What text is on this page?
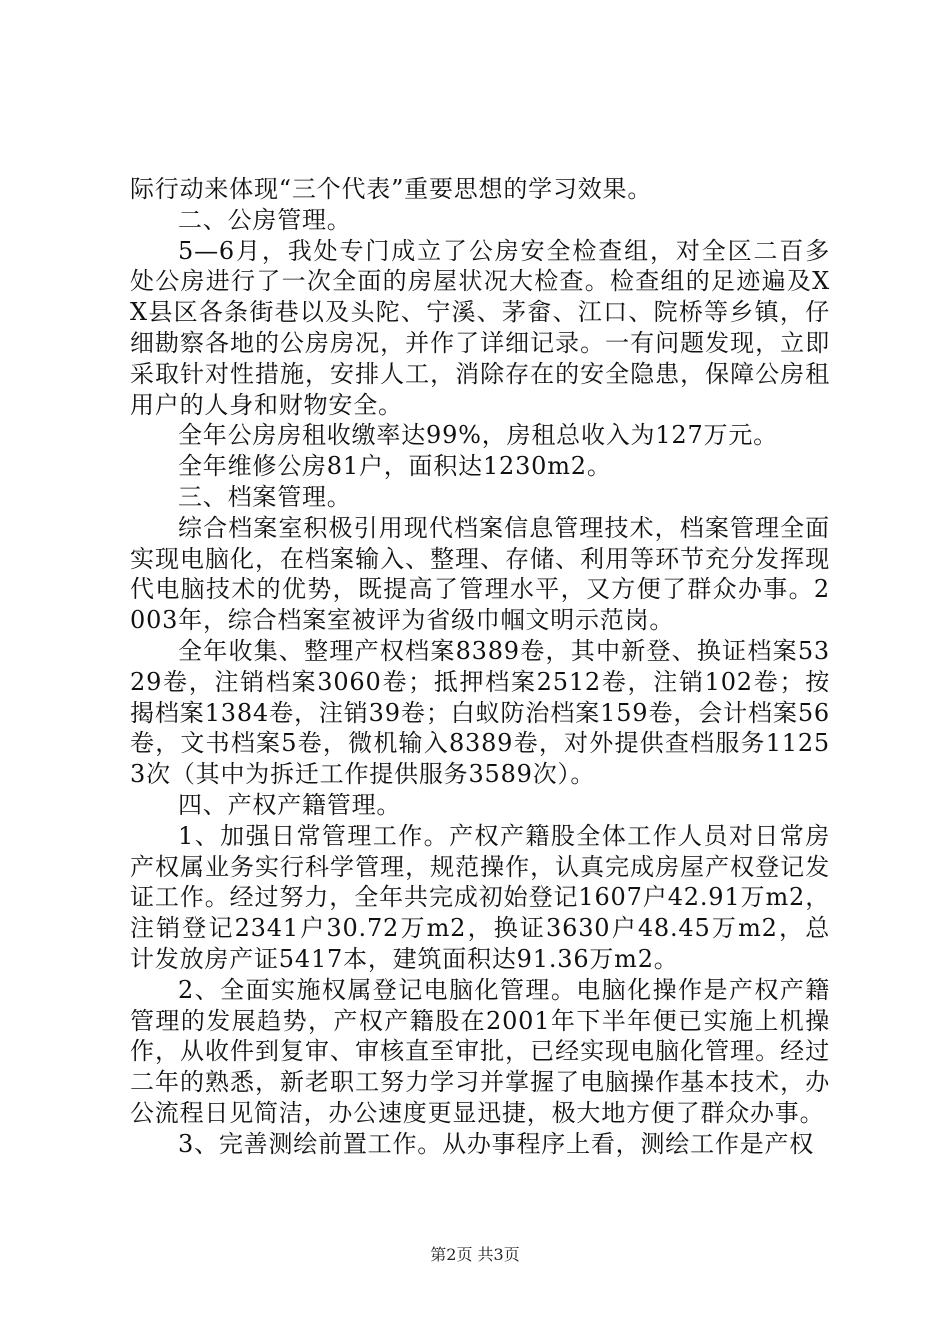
际行动来体现“三个代表”重要思想的学习效果。

二、公房管理。

5—6月，我处专门成立了公房安全检查组，对全区二百多处公房进行了一次全面的房屋状况大检查。检查组的足迹遍及XX县区各条街巷以及头陀、宁溪、茅畲、江口、院桥等乡镇，仔细勘察各地的公房房况，并作了详细记录。一有问题发现，立即采取针对性措施，安排人工，消除存在的安全隐患，保障公房租用户的人身和财物安全。

全年公房房租收缴率达99%，房租总收入为127万元。

全年维修公房81户，面积达1230m2。

三、档案管理。

综合档案室积极引用现代档案信息管理技术，档案管理全面实现电脑化，在档案输入、整理、存储、利用等环节充分发挥现代电脑技术的优势，既提高了管理水平，又方便了群众办事。2003年，综合档案室被评为省级巾帼文明示范岗。

全年收集、整理产权档案8389卷，其中新登、换证档案5329卷，注销档案3060卷；抵押档案2512卷，注销102卷；按揭档案1384卷，注销39卷；白蚁防治档案159卷，会计档案56卷，文书档案5卷，微机输入8389卷，对外提供查档服务11253次（其中为拆迁工作提供服务3589次）。

四、产权产籍管理。

1、加强日常管理工作。产权产籍股全体工作人员对日常房产权属业务实行科学管理，规范操作，认真完成房屋产权登记发证工作。经过努力，全年共完成初始登记1607户42.91万m2，注销登记2341户30.72万m2，换证3630户48.45万m2，总计发放房产证5417本，建筑面积达91.36万m2。

2、全面实施权属登记电脑化管理。电脑化操作是产权产籍管理的发展趋势，产权产籍股在2001年下半年便已实施上机操作，从收件到复审、审核直至审批，已经实现电脑化管理。经过二年的熟悉，新老职工努力学习并掌握了电脑操作基本技术，办公流程日见简洁，办公速度更显迅捷，极大地方便了群众办事。

3、完善测绘前置工作。从办事程序上看，测绘工作是产权

第2页 共3页
